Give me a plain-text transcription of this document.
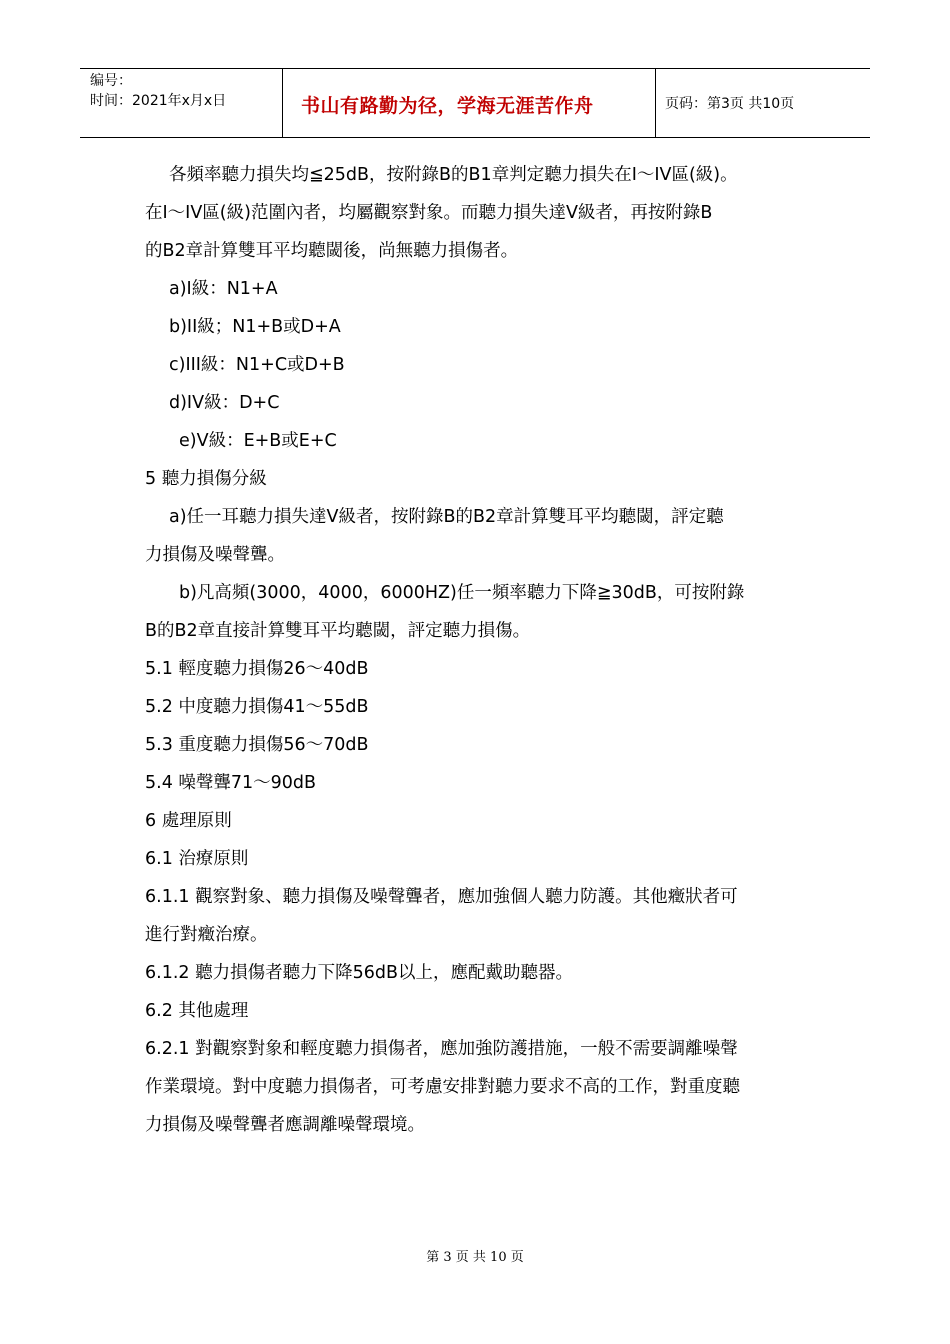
编号：
时间：2021年x月x日	书山有路勤为径，学海无涯苦作舟	页码：第3页 共10页
各頻率聽力損失均≦25dB，按附錄B的B1章判定聽力損失在I～IV區(級)。
在I～IV區(級)范圍內者，均屬觀察對象。而聽力損失達V級者，再按附錄B
的B2章計算雙耳平均聽閾後，尚無聽力損傷者。
a)I級：N1+A
b)II級；N1+B或D+A
c)III級：N1+C或D+B
d)IV級：D+C
e)V級：E+B或E+C
5 聽力損傷分級
a)任一耳聽力損失達V級者，按附錄B的B2章計算雙耳平均聽閾，評定聽
力損傷及噪聲聾。
b)凡高頻(3000，4000，6000HZ)任一頻率聽力下降≧30dB，可按附錄
B的B2章直接計算雙耳平均聽閾，評定聽力損傷。
5.1 輕度聽力損傷26～40dB
5.2 中度聽力損傷41～55dB
5.3 重度聽力損傷56～70dB
5.4 噪聲聾71～90dB
6 處理原則
6.1 治療原則
6.1.1 觀察對象、聽力損傷及噪聲聾者，應加強個人聽力防護。其他癥狀者可
進行對癥治療。
6.1.2 聽力損傷者聽力下降56dB以上，應配戴助聽器。
6.2 其他處理
6.2.1 對觀察對象和輕度聽力損傷者，應加強防護措施，一般不需要調離噪聲
作業環境。對中度聽力損傷者，可考慮安排對聽力要求不高的工作，對重度聽
力損傷及噪聲聾者應調離噪聲環境。
第 3 页 共 10 页
